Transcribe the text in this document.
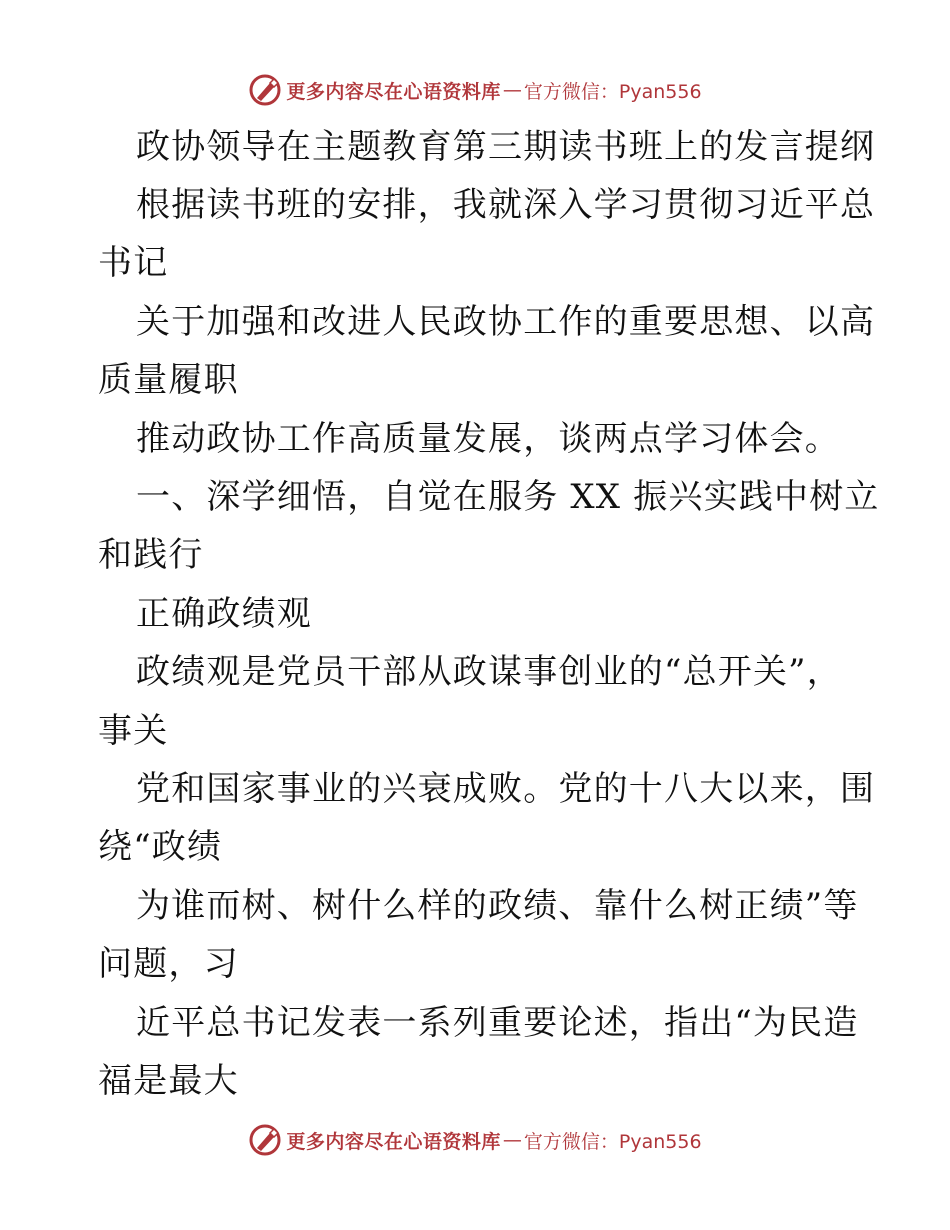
更多内容尽在心语资料库 — 官方微信：Pyan556
政协领导在主题教育第三期读书班上的发言提纲
根据读书班的安排，我就深入学习贯彻习近平总
书记
关于加强和改进人民政协工作的重要思想、以高
质量履职
推动政协工作高质量发展，谈两点学习体会。
一、深学细悟，自觉在服务 XX 振兴实践中树立
和践行
正确政绩观
政绩观是党员干部从政谋事创业的“总开关”，
事关
党和国家事业的兴衰成败。党的十八大以来，围
绕“政绩
为谁而树、树什么样的政绩、靠什么树正绩”等
问题，习
近平总书记发表一系列重要论述，指出“为民造
福是最大
更多内容尽在心语资料库 — 官方微信：Pyan556
